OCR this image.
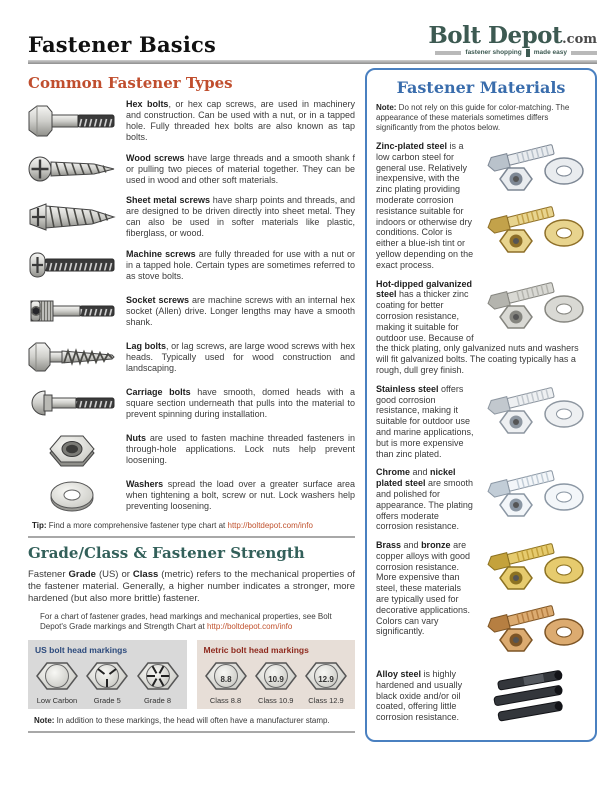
Fastener Basics	Bolt Depot.com
fastener shopping made easy
Common Fastener Types
Hex bolts, or hex cap screws, are used in machinery and construction. Can be used with a nut, or in a tapped hole. Fully threaded hex bolts are also known as tap bolts.
Wood screws have large threads and a smooth shank f or pulling two pieces of material together. They can be used in wood and other soft materials.
Sheet metal screws have sharp points and threads, and are designed to be driven directly into sheet metal. They can also be used in softer materials like plastic, fiberglass, or wood.
Machine screws are fully threaded for use with a nut or in a tapped hole. Certain types are sometimes referred to as stove bolts.
Socket screws are machine screws with an internal hex socket (Allen) drive. Longer lengths may have a smooth shank.
Lag bolts, or lag screws, are large wood screws with hex heads. Typically used for wood construction and landscaping.
Carriage bolts have smooth, domed heads with a square section underneath that pulls into the material to prevent spinning during installation.
Nuts are used to fasten machine threaded fasteners in through-hole applications. Lock nuts help prevent loosening.
Washers spread the load over a greater surface area when tightening a bolt, screw or nut. Lock washers help preventing loosening.
Tip: Find a more comprehensive fastener type chart at http://boltdepot.com/info
Grade/Class & Fastener Strength

Fastener Grade (US) or Class (metric) refers to the mechanical properties of the fastener material. Generally, a higher number indicates a stronger, more hardened (but also more brittle) fastener.

For a chart of fastener grades, head markings and mechanical properties, see Bolt Depot's Grade markings and Strength Chart at http://boltdepot.com/info

US bolt head markings
Low Carbon	Grade 5	Grade 8
Metric bolt head markings
8.8
Class 8.8
10.9
Class 10.9
12.9
Class 12.9

Note: In addition to these markings, the head will often have a manufacturer stamp.

Fastener Materials
Note: Do not rely on this guide for color-matching. The appearance of these materials sometimes differs significantly from the photos below.
Zinc-plated steel is a low carbon steel for general use. Relatively inexpensive, with the zinc plating providing moderate corrosion resistance suitable for indoors or otherwise dry conditions. Color is either a blue-ish tint or yellow depending on the exact process.
Hot-dipped galvanized steel has a thicker zinc coating for better corrosion resistance, making it suitable for outdoor use. Because of the thick plating, only galvanized nuts and washers will fit galvanized bolts. The coating typically has a rough, dull grey finish.
Stainless steel offers good corrosion resistance, making it suitable for outdoor use and marine applications, but is more expensive than zinc plated.
Chrome and nickel plated steel are smooth and polished for appearance. The plating offers moderate corrosion resistance.
Brass and bronze are copper alloys with good corrosion resistance. More expensive than steel, these materials are typically used for decorative applications. Colors can vary significantly.
Alloy steel is highly hardened and usually black oxide and/or oil coated, offering little corrosion resistance.
